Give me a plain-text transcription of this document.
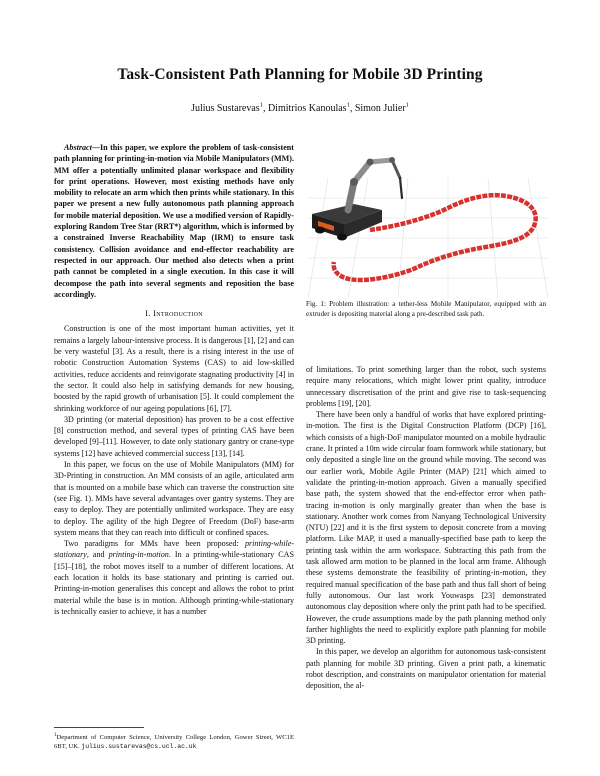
Task-Consistent Path Planning for Mobile 3D Printing
Julius Sustarevas$^1$, Dimitrios Kanoulas$^1$, Simon Julier$^1$

Abstract—In this paper, we explore the problem of task-consistent path planning for printing-in-motion via Mobile Manipulators (MM). MM offer a potentially unlimited planar workspace and flexibility for print operations. However, most existing methods have only mobility to relocate an arm which then prints while stationary. In this paper we present a new fully autonomous path planning approach for mobile material deposition. We use a modified version of Rapidly-exploring Random Tree Star (RRT*) algorithm, which is informed by a constrained Inverse Reachability Map (IRM) to ensure task consistency. Collision avoidance and end-effector reachability are respected in our approach. Our method also detects when a print path cannot be completed in a single execution. In this case it will decompose the path into several segments and reposition the base accordingly.

I. Introduction

Construction is one of the most important human activities, yet it remains a largely labour-intensive process. It is dangerous [1], [2] and can be very wasteful [3]. As a result, there is a rising interest in the use of robotic Construction Automation Systems (CAS) to aid low-skilled activities, reduce accidents and reinvigorate stagnating productivity [4] in the sector. It could also help in satisfying demands for new housing, boosted by the rapid growth of urbanisation [5]. It could complement the shrinking workforce of our ageing populations [6], [7].

3D printing (or material deposition) has proven to be a cost effective [8] construction method, and several types of printing CAS have been developed [9]–[11]. However, to date only stationary gantry or crane-type systems [12] have achieved commercial success [13], [14].

In this paper, we focus on the use of Mobile Manipulators (MM) for 3D-Printing in construction. An MM consists of an agile, articulated arm that is mounted on a mobile base which can traverse the construction site (see Fig. 1). MMs have several advantages over gantry systems. They are easy to deploy. They are potentially unlimited workspace. They are easy to deploy. The agility of the high Degree of Freedom (DoF) base-arm system means that they can reach into difficult or confined spaces.

Two paradigms for MMs have been proposed: printing-while-stationary, and printing-in-motion. In a printing-while-stationary CAS [15]–[18], the robot moves itself to a number of different locations. At each location it holds its base stationary and printing is carried out. Printing-in-motion generalises this concept and allows the robot to print material while the base is in motion. Although printing-while-stationary is technically easier to achieve, it has a number

$^1$Department of Computer Science, University College London, Gower Street, WC1E 6BT, UK. julius.sustarevas@cs.ucl.ac.uk
Fig. 1: Problem illustration: a tether-less Mobile Manipulator, equipped with an extruder is depositing material along a pre-described task path.

of limitations. To print something larger than the robot, such systems require many relocations, which might lower print quality, introduce unnecessary discretisation of the print and give rise to task-sequencing problems [19], [20].

There have been only a handful of works that have explored printing-in-motion. The first is the Digital Construction Platform (DCP) [16], which consists of a high-DoF manipulator mounted on a mobile hydraulic crane. It printed a 10m wide circular foam formwork while stationary, but only deposited a single line on the ground while moving. The second was our earlier work, Mobile Agile Printer (MAP) [21] which aimed to validate the printing-in-motion approach. Given a manually specified base path, the system showed that the end-effector error when path-tracing in-motion is only marginally greater than when the base is stationary. Another work comes from Nanyang Technological University (NTU) [22] and it is the first system to deposit concrete from a moving platform. Like MAP, it used a manually-specified base path to keep the printing task within the arm workspace. Subtracting this path from the task allowed arm motion to be planned in the local arm frame. Although these systems demonstrate the feasibility of printing-in-motion, they required manual specification of the base path and thus fall short of being fully autonomous. Our last work Youwasps [23] demonstrated autonomous clay deposition where only the print path had to be specified. However, the crude assumptions made by the path planning method only farther highlights the need to explicitly explore path planning for mobile 3D printing.

In this paper, we develop an algorithm for autonomous task-consistent path planning for mobile 3D printing. Given a print path, a kinematic robot description, and constraints on manipulator orientation for material deposition, the al-
